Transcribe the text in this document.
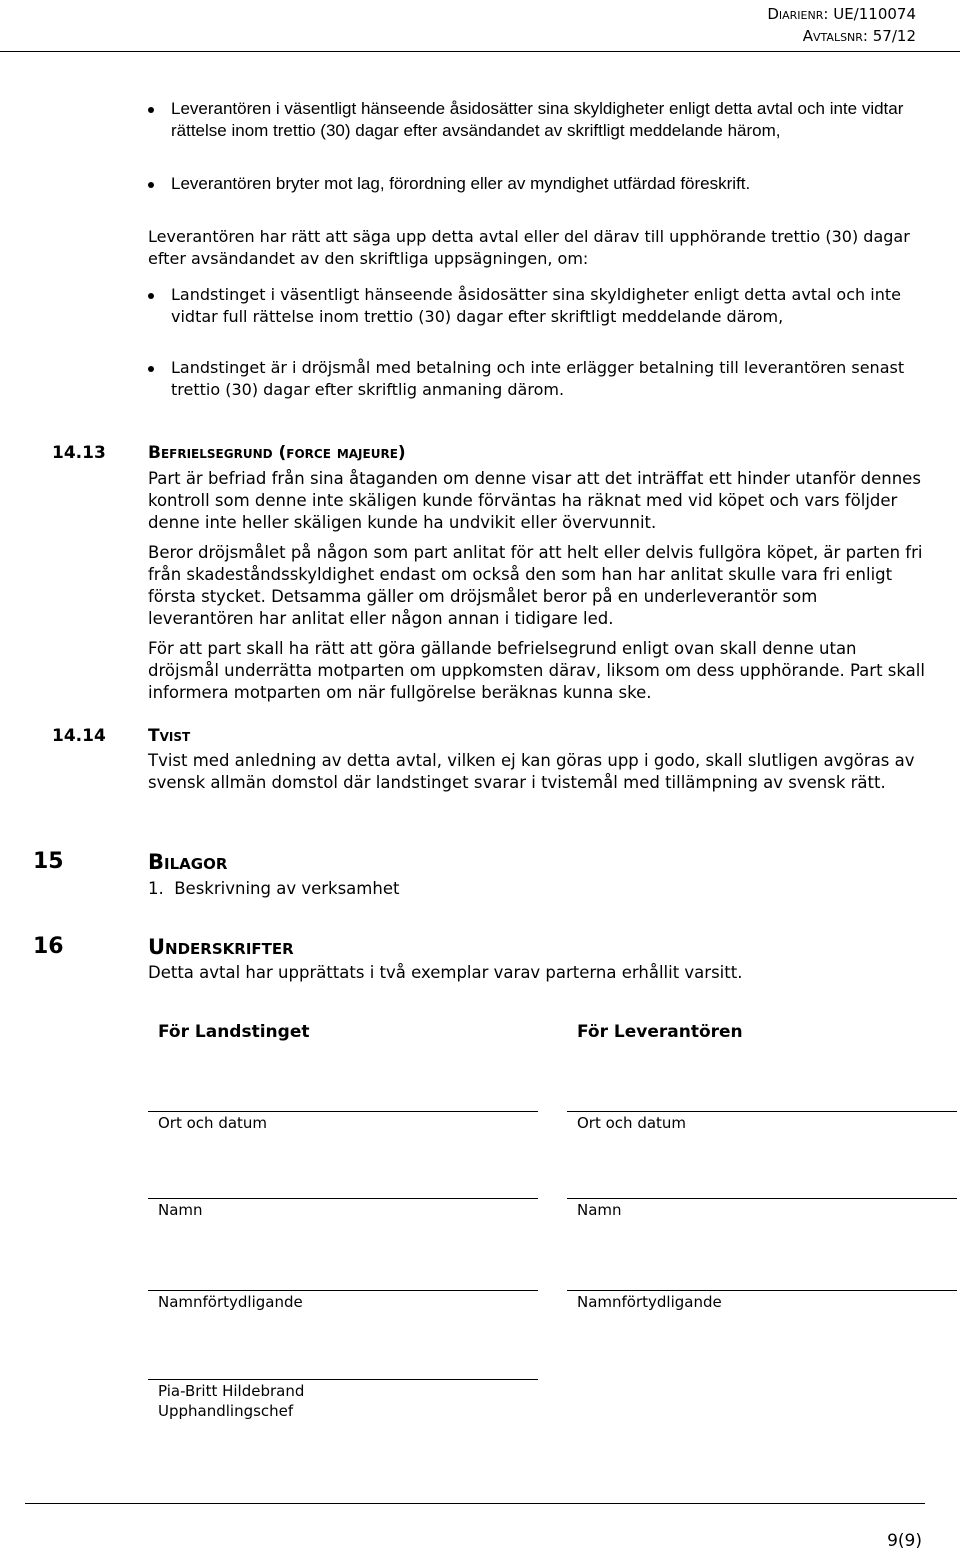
Diarienr: UE/110074
Avtalsnr: 57/12
Leverantören i väsentligt hänseende åsidosätter sina skyldigheter enligt detta avtal och inte vidtar rättelse inom trettio (30) dagar efter avsändandet av skriftligt meddelande härom,
Leverantören bryter mot lag, förordning eller av myndighet utfärdad föreskrift.
Leverantören har rätt att säga upp detta avtal eller del därav till upphörande trettio (30) dagar efter avsändandet av den skriftliga uppsägningen, om:
Landstinget i väsentligt hänseende åsidosätter sina skyldigheter enligt detta avtal och inte vidtar full rättelse inom trettio (30) dagar efter skriftligt meddelande därom,
Landstinget är i dröjsmål med betalning och inte erlägger betalning till leverantören senast trettio (30) dagar efter skriftlig anmaning därom.
14.13 Befrielsegrund (force majeure)
Part är befriad från sina åtaganden om denne visar att det inträffat ett hinder utanför dennes kontroll som denne inte skäligen kunde förväntas ha räknat med vid köpet och vars följder denne inte heller skäligen kunde ha undvikit eller övervunnit.
Beror dröjsmålet på någon som part anlitat för att helt eller delvis fullgöra köpet, är parten fri från skadeståndsskyldighet endast om också den som han har anlitat skulle vara fri enligt första stycket. Detsamma gäller om dröjsmålet beror på en underleverantör som leverantören har anlitat eller någon annan i tidigare led.
För att part skall ha rätt att göra gällande befrielsegrund enligt ovan skall denne utan dröjsmål underrätta motparten om uppkomsten därav, liksom om dess upphörande. Part skall informera motparten om när fullgörelse beräknas kunna ske.
14.14 Tvist
Tvist med anledning av detta avtal, vilken ej kan göras upp i godo, skall slutligen avgöras av svensk allmän domstol där landstinget svarar i tvistemål med tillämpning av svensk rätt.
15	Bilagor
1.  Beskrivning av verksamhet
16	Underskrifter
Detta avtal har upprättats i två exemplar varav parterna erhållit varsitt.
För Landstinget	För Leverantören
Ort och datum	Ort och datum
Namn	Namn
Namnförtydligande	Namnförtydligande
Pia-Britt Hildebrand
Upphandlingschef
9(9)
